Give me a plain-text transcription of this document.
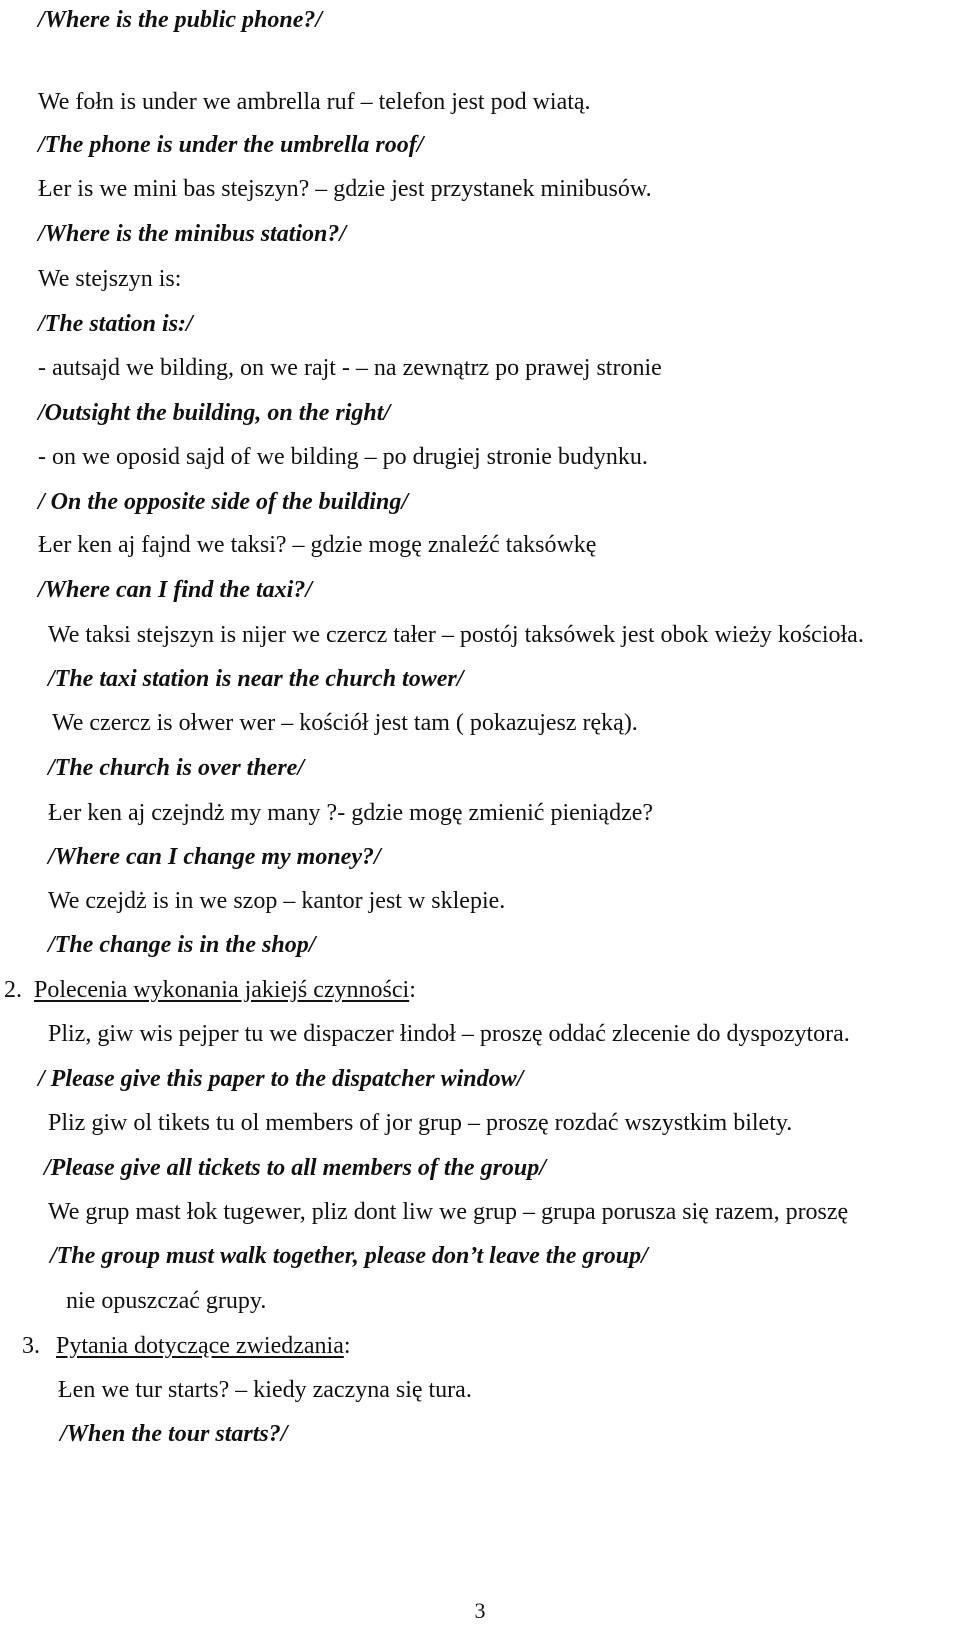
/Where is the public phone?/
We fołn is under we ambrella ruf – telefon jest pod wiatą.
/The phone is under the umbrella roof/
Łer is we mini bas stejszyn? – gdzie jest przystanek minibusów.
/Where is the minibus station?/
We stejszyn is:
/The station is:/
- autsajd we bilding, on we rajt - – na zewnątrz po prawej stronie
/Outsight the building, on the right/
- on we oposid sajd of we bilding – po drugiej stronie budynku.
/ On the opposite side of the building/
Łer ken aj fajnd we taksi? – gdzie mogę znaleźć taksówkę
/Where can I find the taxi?/
We taksi stejszyn is nijer we czercz tałer – postój taksówek jest obok wieży kościoła.
/The taxi station is near the church tower/
We czercz is ołwer wer – kościół jest tam ( pokazujesz ręką).
/The church is over there/
Łer ken aj czejndż my many ?- gdzie mogę zmienić pieniądze?
/Where can I change my money?/
We czejdż is in we szop – kantor jest w sklepie.
/The change is in the shop/
2. Polecenia wykonania jakiejś czynności:
Pliz, giw wis pejper tu we dispaczer łindoł – proszę oddać zlecenie do dyspozytora.
/ Please give this paper to the dispatcher window/
Pliz giw ol tikets tu ol members of jor grup – proszę rozdać wszystkim bilety.
/Please give all tickets to all members of the group/
We grup mast łok tugewer, pliz dont liw we grup – grupa porusza się razem, proszę
/The group must walk together, please don’t leave the group/
nie opuszczać grupy.
3. Pytania dotyczące zwiedzania:
Łen we tur starts? – kiedy zaczyna się tura.
/When the tour starts?/
3
